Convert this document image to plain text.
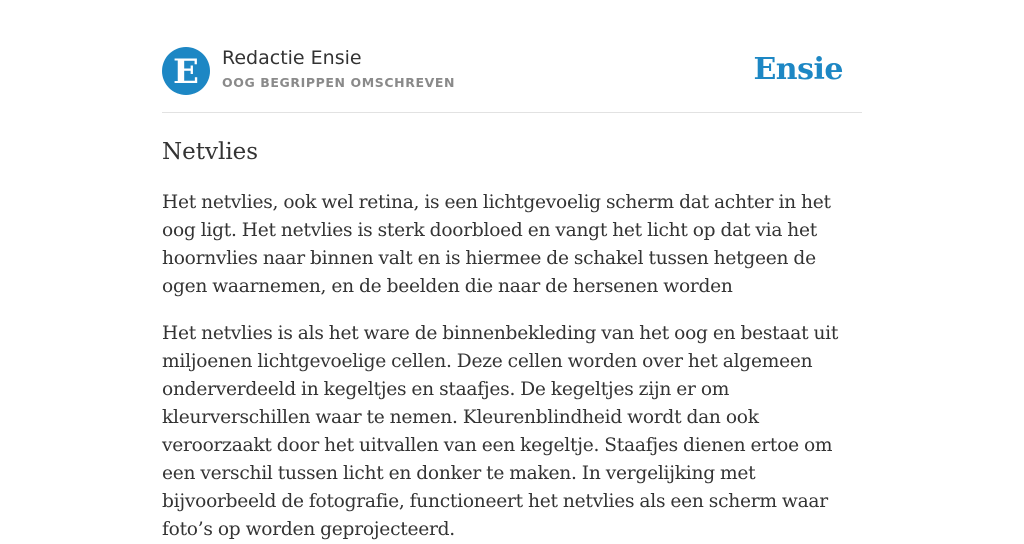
E	Redactie Ensie
OOG BEGRIPPEN OMSCHREVEN	Ensie
Netvlies

Het netvlies, ook wel retina, is een lichtgevoelig scherm dat achter in het oog ligt. Het netvlies is sterk doorbloed en vangt het licht op dat via het hoornvlies naar binnen valt en is hiermee de schakel tussen hetgeen de ogen waarnemen, en de beelden die naar de hersenen worden

Het netvlies is als het ware de binnenbekleding van het oog en bestaat uit miljoenen lichtgevoelige cellen. Deze cellen worden over het algemeen onderverdeeld in kegeltjes en staafjes. De kegeltjes zijn er om kleurverschillen waar te nemen. Kleurenblindheid wordt dan ook veroorzaakt door het uitvallen van een kegeltje. Staafjes dienen ertoe om een verschil tussen licht en donker te maken. In vergelijking met bijvoorbeeld de fotografie, functioneert het netvlies als een scherm waar foto’s op worden geprojecteerd.
